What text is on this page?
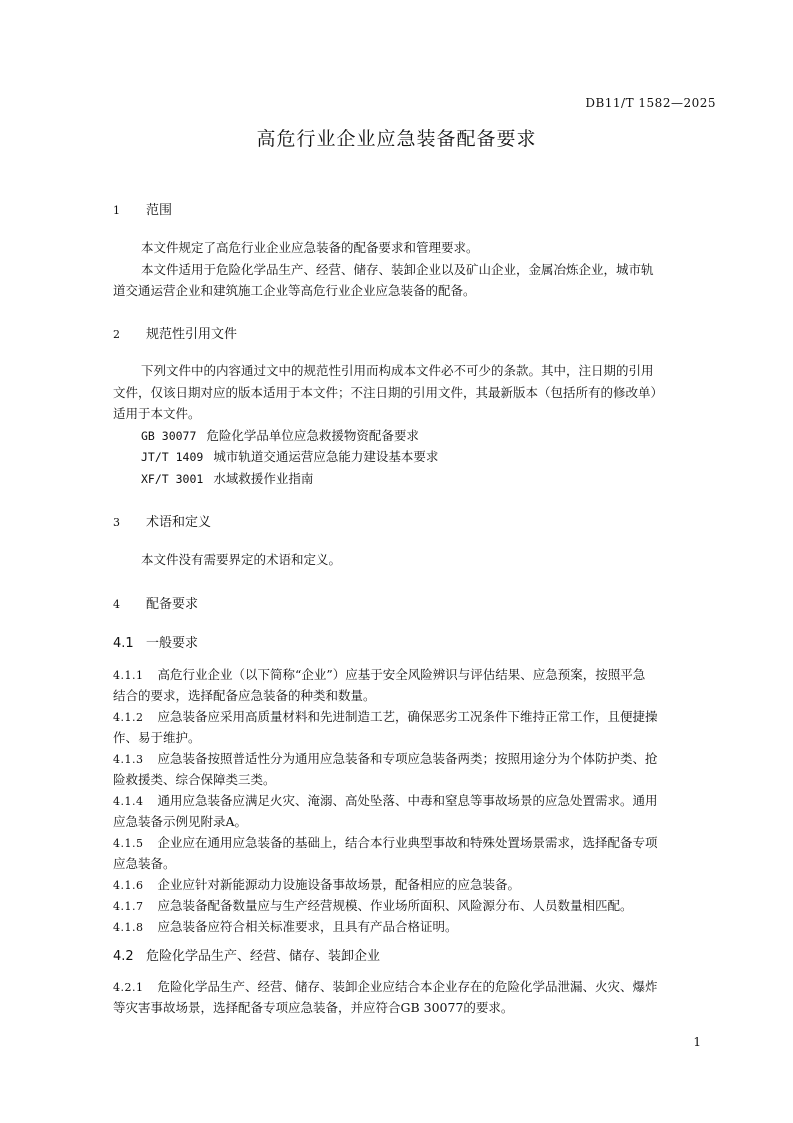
DB11/T 1582—2025
高危行业企业应急装备配备要求
1 范围
本文件规定了高危行业企业应急装备的配备要求和管理要求。
本文件适用于危险化学品生产、经营、储存、装卸企业以及矿山企业，金属冶炼企业，城市轨
道交通运营企业和建筑施工企业等高危行业企业应急装备的配备。
2 规范性引用文件
下列文件中的内容通过文中的规范性引用而构成本文件必不可少的条款。其中，注日期的引用
文件，仅该日期对应的版本适用于本文件；不注日期的引用文件，其最新版本（包括所有的修改单）
适用于本文件。
GB 30077 危险化学品单位应急救援物资配备要求
JT/T 1409 城市轨道交通运营应急能力建设基本要求
XF/T 3001 水域救援作业指南
3 术语和定义
本文件没有需要界定的术语和定义。
4 配备要求
4.1 一般要求
4.1.1 高危行业企业（以下简称“企业”）应基于安全风险辨识与评估结果、应急预案，按照平急
结合的要求，选择配备应急装备的种类和数量。
4.1.2 应急装备应采用高质量材料和先进制造工艺，确保恶劣工况条件下维持正常工作，且便捷操
作、易于维护。
4.1.3 应急装备按照普适性分为通用应急装备和专项应急装备两类；按照用途分为个体防护类、抢
险救援类、综合保障类三类。
4.1.4 通用应急装备应满足火灾、淹溺、高处坠落、中毒和窒息等事故场景的应急处置需求。通用
应急装备示例见附录A。
4.1.5 企业应在通用应急装备的基础上，结合本行业典型事故和特殊处置场景需求，选择配备专项
应急装备。
4.1.6 企业应针对新能源动力设施设备事故场景，配备相应的应急装备。
4.1.7 应急装备配备数量应与生产经营规模、作业场所面积、风险源分布、人员数量相匹配。
4.1.8 应急装备应符合相关标准要求，且具有产品合格证明。
4.2 危险化学品生产、经营、储存、装卸企业
4.2.1 危险化学品生产、经营、储存、装卸企业应结合本企业存在的危险化学品泄漏、火灾、爆炸
等灾害事故场景，选择配备专项应急装备，并应符合GB 30077的要求。
1
